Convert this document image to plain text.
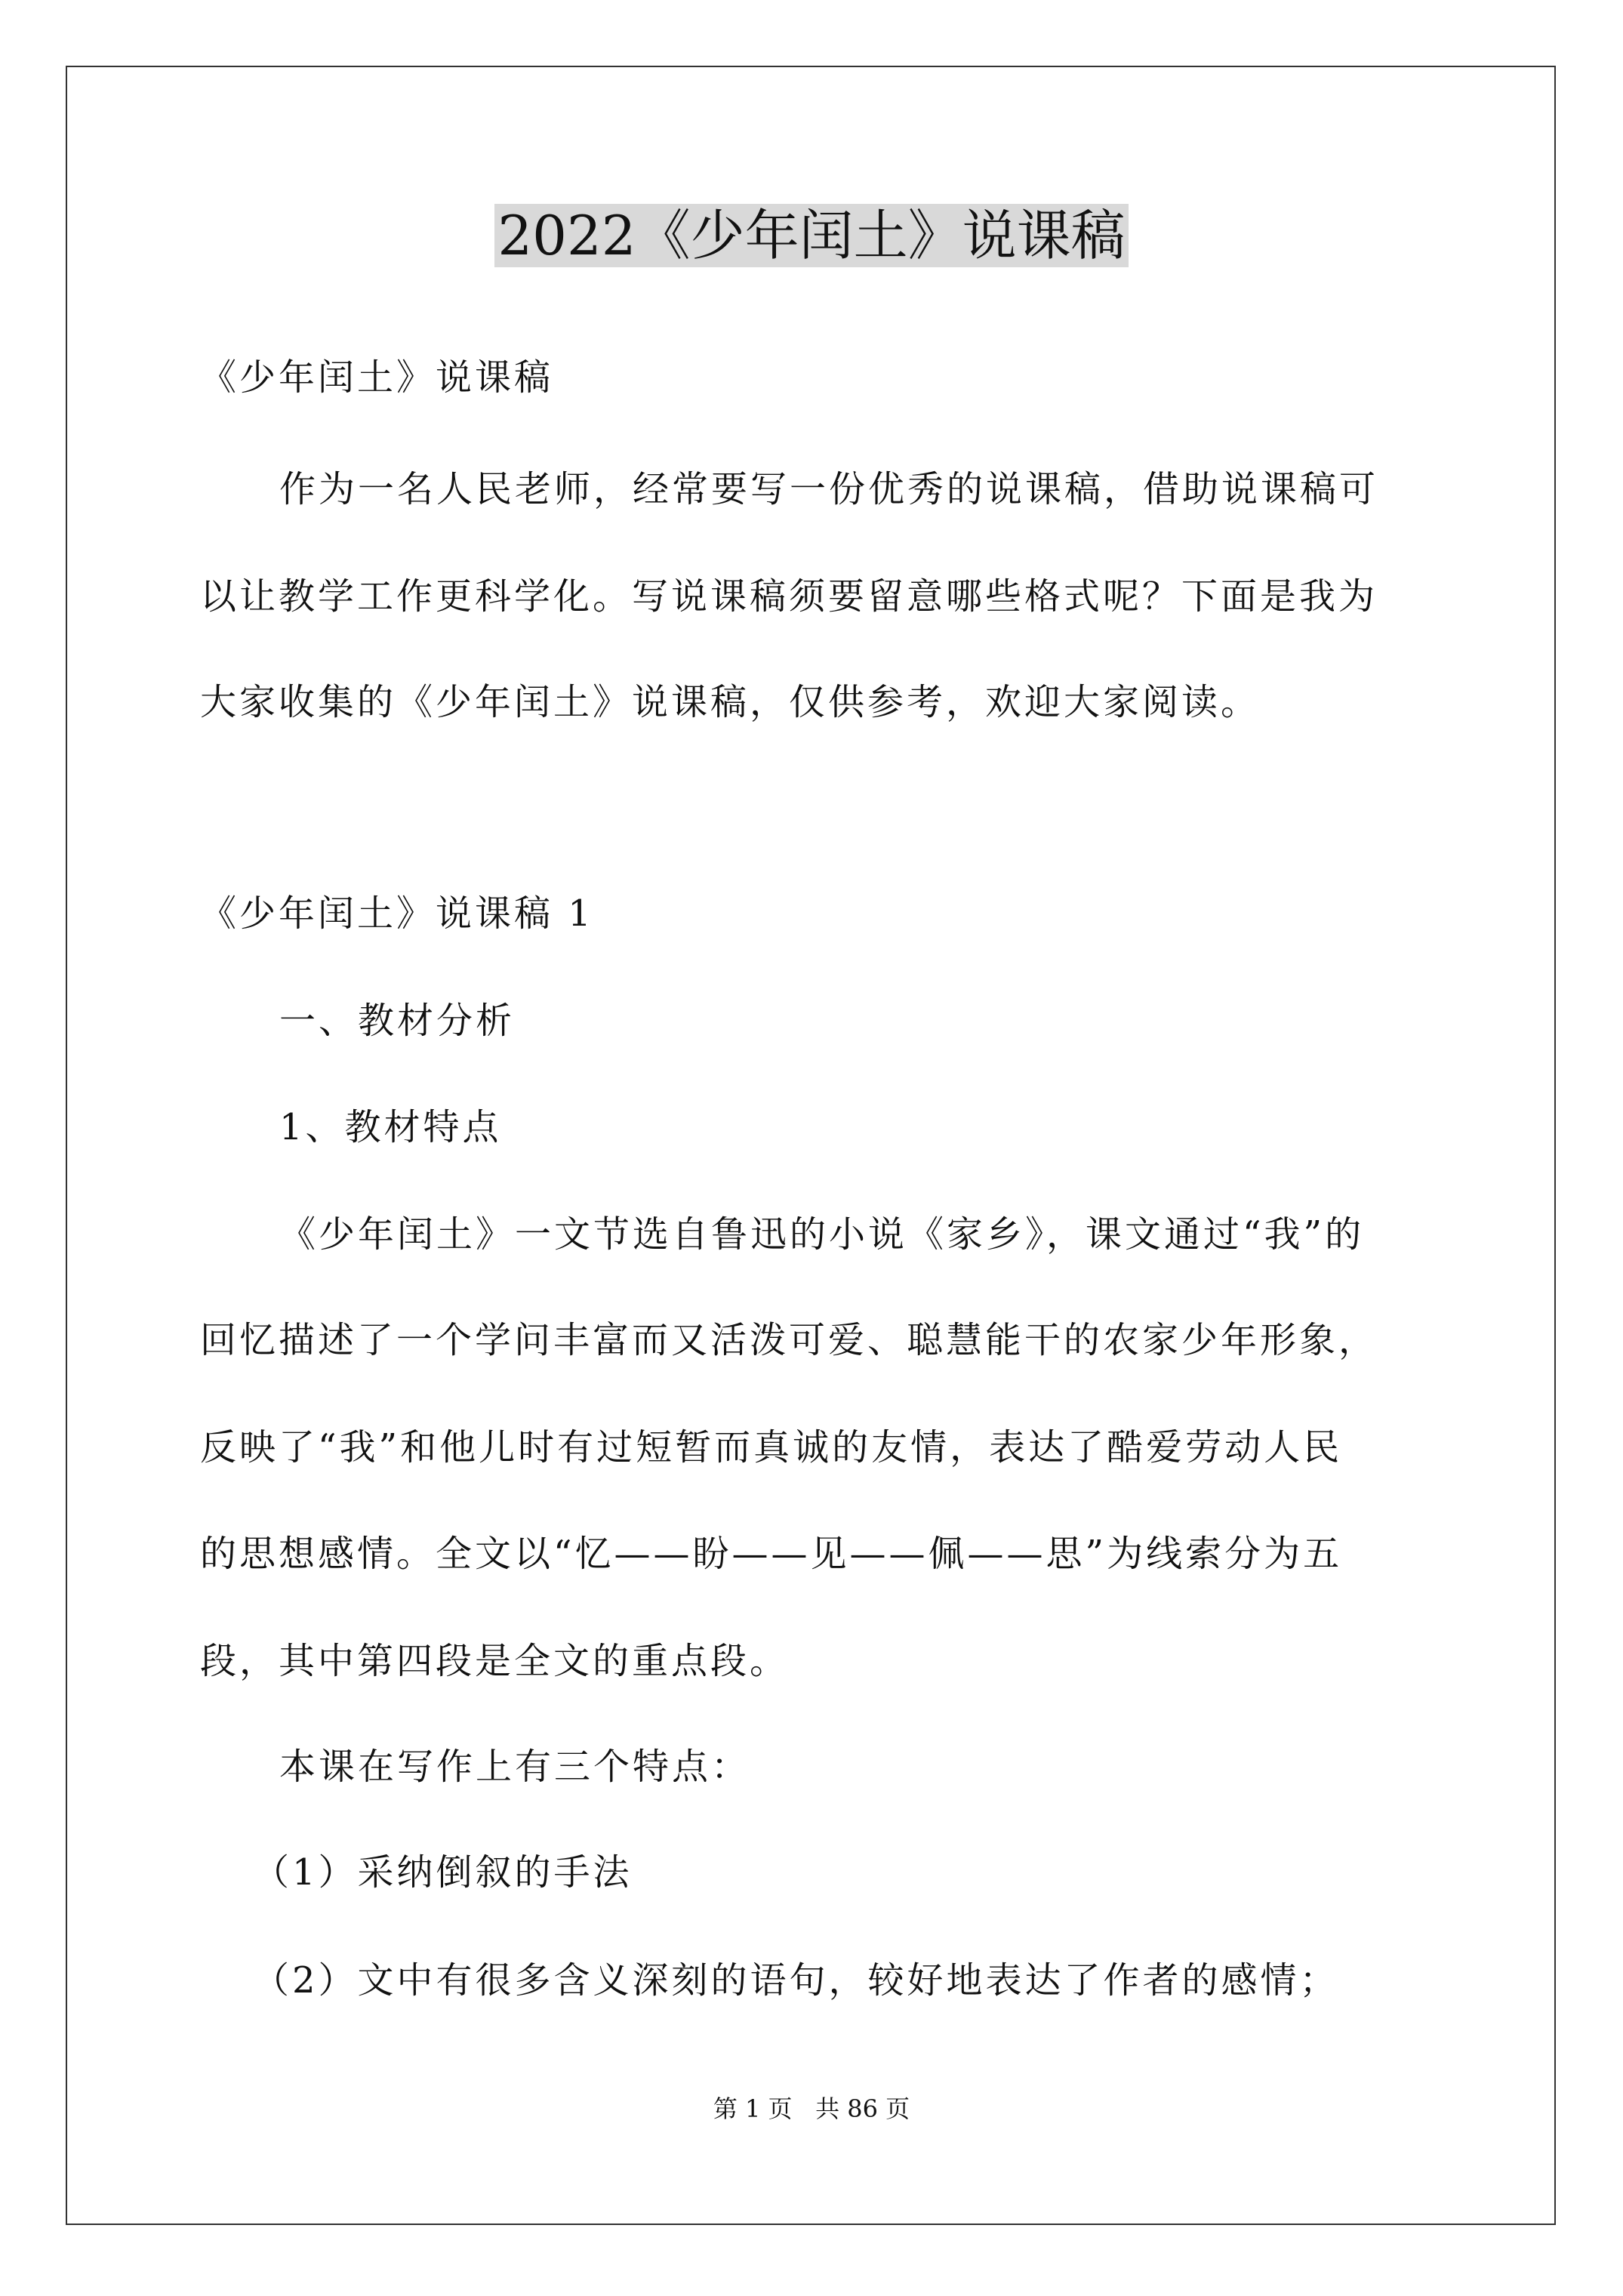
2022《少年闰土》说课稿
《少年闰土》说课稿
作为一名人民老师，经常要写一份优秀的说课稿，借助说课稿可
以让教学工作更科学化。写说课稿须要留意哪些格式呢？下面是我为
大家收集的《少年闰土》说课稿，仅供参考，欢迎大家阅读。
《少年闰土》说课稿 1
一、教材分析
1、教材特点
《少年闰土》一文节选自鲁迅的小说《家乡》，课文通过“我”的
回忆描述了一个学问丰富而又活泼可爱、聪慧能干的农家少年形象，
反映了“我”和他儿时有过短暂而真诚的友情，表达了酷爱劳动人民
的思想感情。全文以“忆——盼——见——佩——思”为线索分为五
段，其中第四段是全文的重点段。
本课在写作上有三个特点：
（1）采纳倒叙的手法
（2）文中有很多含义深刻的语句，较好地表达了作者的感情；
第 1 页   共 86 页
